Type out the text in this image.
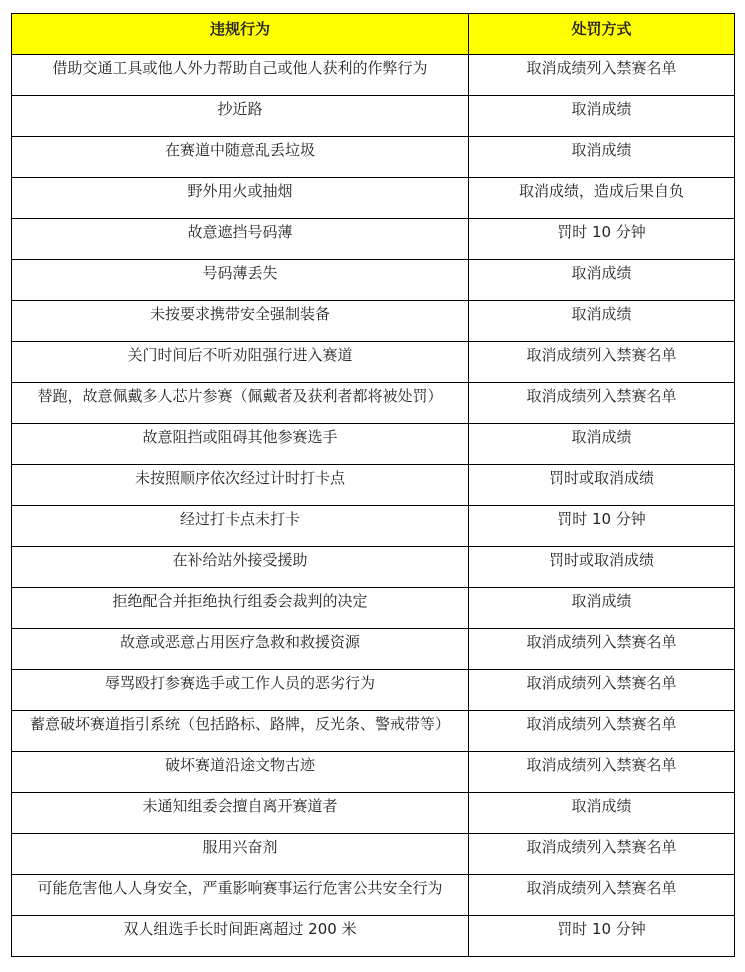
违规行为	处罚方式
借助交通工具或他人外力帮助自己或他人获利的作弊行为	取消成绩列入禁赛名单
抄近路	取消成绩
在赛道中随意乱丢垃圾	取消成绩
野外用火或抽烟	取消成绩，造成后果自负
故意遮挡号码薄	罚时 10 分钟
号码薄丢失	取消成绩
未按要求携带安全强制装备	取消成绩
关门时间后不听劝阻强行进入赛道	取消成绩列入禁赛名单
替跑，故意佩戴多人芯片参赛（佩戴者及获利者都将被处罚）	取消成绩列入禁赛名单
故意阻挡或阻碍其他参赛选手	取消成绩
未按照顺序依次经过计时打卡点	罚时或取消成绩
经过打卡点未打卡	罚时 10 分钟
在补给站外接受援助	罚时或取消成绩
拒绝配合并拒绝执行组委会裁判的决定	取消成绩
故意或恶意占用医疗急救和救援资源	取消成绩列入禁赛名单
辱骂殴打参赛选手或工作人员的恶劣行为	取消成绩列入禁赛名单
蓄意破坏赛道指引系统（包括路标、路牌，反光条、警戒带等）	取消成绩列入禁赛名单
破坏赛道沿途文物古迹	取消成绩列入禁赛名单
未通知组委会擅自离开赛道者	取消成绩
服用兴奋剂	取消成绩列入禁赛名单
可能危害他人人身安全，严重影响赛事运行危害公共安全行为	取消成绩列入禁赛名单
双人组选手长时间距离超过 200 米	罚时 10 分钟
